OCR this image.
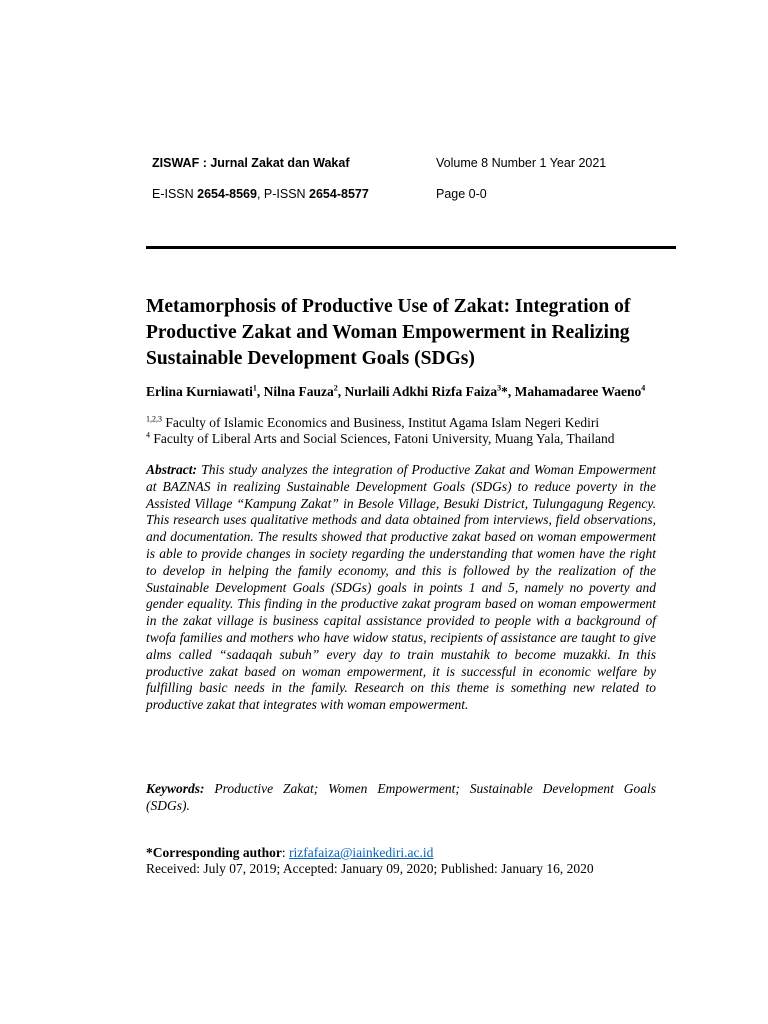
ZISWAF : Jurnal Zakat dan Wakaf	Volume 8 Number 1 Year 2021
E-ISSN 2654-8569, P-ISSN 2654-8577	Page 0-0
Metamorphosis of Productive Use of Zakat: Integration of Productive Zakat and Woman Empowerment in Realizing Sustainable Development Goals (SDGs)
Erlina Kurniawati$^1$, Nilna Fauza$^2$, Nurlaili Adkhi Rizfa Faiza$^3$*, Mahamadaree Waeno$^4$
$^{1,2,3}$ Faculty of Islamic Economics and Business, Institut Agama Islam Negeri Kediri
$^4$ Faculty of Liberal Arts and Social Sciences, Fatoni University, Muang Yala, Thailand
Abstract: This study analyzes the integration of Productive Zakat and Woman Empowerment at BAZNAS in realizing Sustainable Development Goals (SDGs) to reduce poverty in the Assisted Village “Kampung Zakat” in Besole Village, Besuki District, Tulungagung Regency. This research uses qualitative methods and data obtained from interviews, field observations, and documentation. The results showed that productive zakat based on woman empowerment is able to provide changes in society regarding the understanding that women have the right to develop in helping the family economy, and this is followed by the realization of the Sustainable Development Goals (SDGs) goals in points 1 and 5, namely no poverty and gender equality. This finding in the productive zakat program based on woman empowerment in the zakat village is business capital assistance provided to people with a background of twofa families and mothers who have widow status, recipients of assistance are taught to give alms called “sadaqah subuh” every day to train mustahik to become muzakki. In this productive zakat based on woman empowerment, it is successful in economic welfare by fulfilling basic needs in the family. Research on this theme is something new related to productive zakat that integrates with woman empowerment.
Keywords: Productive Zakat; Women Empowerment; Sustainable Development Goals (SDGs).
*Corresponding author: rizfafaiza@iainkediri.ac.id
Received: July 07, 2019; Accepted: January 09, 2020; Published: January 16, 2020
